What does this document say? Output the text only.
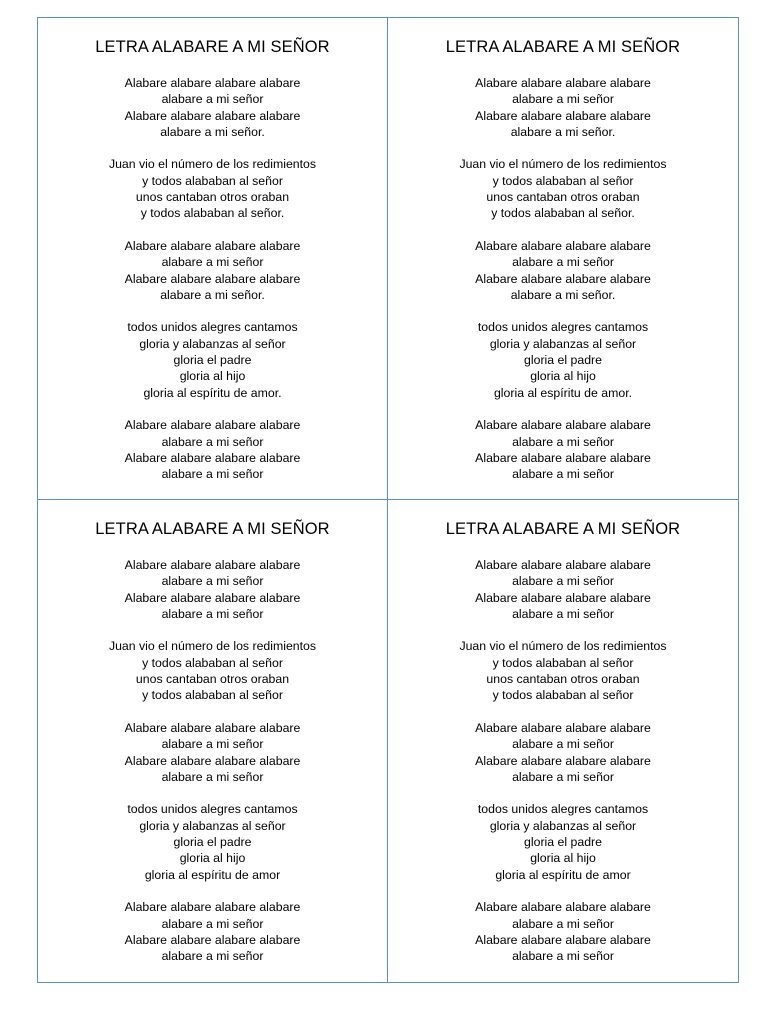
LETRA ALABARE A MI SEÑOR
Alabare alabare alabare alabare
alabare a mi señor
Alabare alabare alabare alabare
alabare a mi señor.
Juan vio el número de los redimientos
y todos alababan al señor
unos cantaban otros oraban
y todos alababan al señor.
Alabare alabare alabare alabare
alabare a mi señor
Alabare alabare alabare alabare
alabare a mi señor.
todos unidos alegres cantamos
gloria y alabanzas al señor
gloria el padre
gloria al hijo
gloria al espíritu de amor.
Alabare alabare alabare alabare
alabare a mi señor
Alabare alabare alabare alabare
alabare a mi señor
LETRA ALABARE A MI SEÑOR
Alabare alabare alabare alabare
alabare a mi señor
Alabare alabare alabare alabare
alabare a mi señor.
Juan vio el número de los redimientos
y todos alababan al señor
unos cantaban otros oraban
y todos alababan al señor.
Alabare alabare alabare alabare
alabare a mi señor
Alabare alabare alabare alabare
alabare a mi señor.
todos unidos alegres cantamos
gloria y alabanzas al señor
gloria el padre
gloria al hijo
gloria al espíritu de amor.
Alabare alabare alabare alabare
alabare a mi señor
Alabare alabare alabare alabare
alabare a mi señor
LETRA ALABARE A MI SEÑOR
Alabare alabare alabare alabare
alabare a mi señor
Alabare alabare alabare alabare
alabare a mi señor
Juan vio el número de los redimientos
y todos alababan al señor
unos cantaban otros oraban
y todos alababan al señor
Alabare alabare alabare alabare
alabare a mi señor
Alabare alabare alabare alabare
alabare a mi señor
todos unidos alegres cantamos
gloria y alabanzas al señor
gloria el padre
gloria al hijo
gloria al espíritu de amor
Alabare alabare alabare alabare
alabare a mi señor
Alabare alabare alabare alabare
alabare a mi señor
LETRA ALABARE A MI SEÑOR
Alabare alabare alabare alabare
alabare a mi señor
Alabare alabare alabare alabare
alabare a mi señor
Juan vio el número de los redimientos
y todos alababan al señor
unos cantaban otros oraban
y todos alababan al señor
Alabare alabare alabare alabare
alabare a mi señor
Alabare alabare alabare alabare
alabare a mi señor
todos unidos alegres cantamos
gloria y alabanzas al señor
gloria el padre
gloria al hijo
gloria al espíritu de amor
Alabare alabare alabare alabare
alabare a mi señor
Alabare alabare alabare alabare
alabare a mi señor
